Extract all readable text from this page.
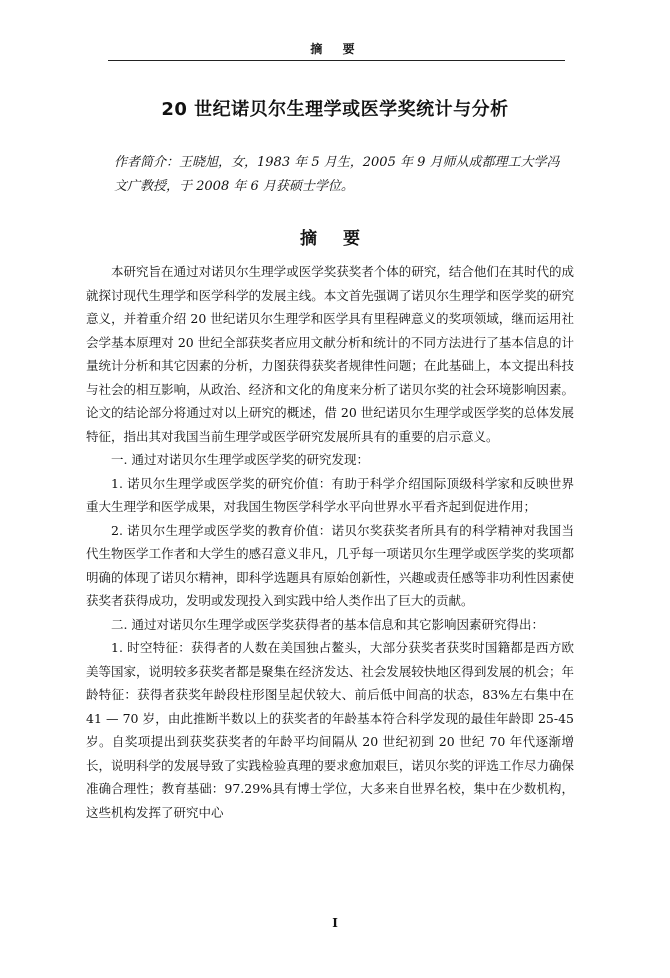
摘 要
20 世纪诺贝尔生理学或医学奖统计与分析
作者简介：王晓旭，女，1983 年 5 月生，2005 年 9 月师从成都理工大学冯文广教授，于 2008 年 6 月获硕士学位。
摘 要

本研究旨在通过对诺贝尔生理学或医学奖获奖者个体的研究，结合他们在其时代的成就探讨现代生理学和医学科学的发展主线。本文首先强调了诺贝尔生理学和医学奖的研究意义，并着重介绍 20 世纪诺贝尔生理学和医学具有里程碑意义的奖项领域，继而运用社会学基本原理对 20 世纪全部获奖者应用文献分析和统计的不同方法进行了基本信息的计量统计分析和其它因素的分析，力图获得获奖者规律性问题；在此基础上，本文提出科技与社会的相互影响，从政治、经济和文化的角度来分析了诺贝尔奖的社会环境影响因素。论文的结论部分将通过对以上研究的概述，借 20 世纪诺贝尔生理学或医学奖的总体发展特征，指出其对我国当前生理学或医学研究发展所具有的重要的启示意义。

一. 通过对诺贝尔生理学或医学奖的研究发现：

1. 诺贝尔生理学或医学奖的研究价值：有助于科学介绍国际顶级科学家和反映世界重大生理学和医学成果，对我国生物医学科学水平向世界水平看齐起到促进作用；

2. 诺贝尔生理学或医学奖的教育价值：诺贝尔奖获奖者所具有的科学精神对我国当代生物医学工作者和大学生的感召意义非凡，几乎每一项诺贝尔生理学或医学奖的奖项都明确的体现了诺贝尔精神，即科学选题具有原始创新性，兴趣或责任感等非功利性因素使获奖者获得成功，发明或发现投入到实践中给人类作出了巨大的贡献。

二. 通过对诺贝尔生理学或医学奖获得者的基本信息和其它影响因素研究得出：

1. 时空特征：获得者的人数在美国独占鳌头，大部分获奖者获奖时国籍都是西方欧美等国家，说明较多获奖者都是聚集在经济发达、社会发展较快地区得到发展的机会；年龄特征：获得者获奖年龄段柱形图呈起伏较大、前后低中间高的状态，83%左右集中在 41 — 70 岁，由此推断半数以上的获奖者的年龄基本符合科学发现的最佳年龄即 25-45 岁。自奖项提出到获奖获奖者的年龄平均间隔从 20 世纪初到 20 世纪 70 年代逐渐增长，说明科学的发展导致了实践检验真理的要求愈加艰巨，诺贝尔奖的评选工作尽力确保准确合理性；教育基础：97.29%具有博士学位，大多来自世界名校，集中在少数机构，这些机构发挥了研究中心

I
